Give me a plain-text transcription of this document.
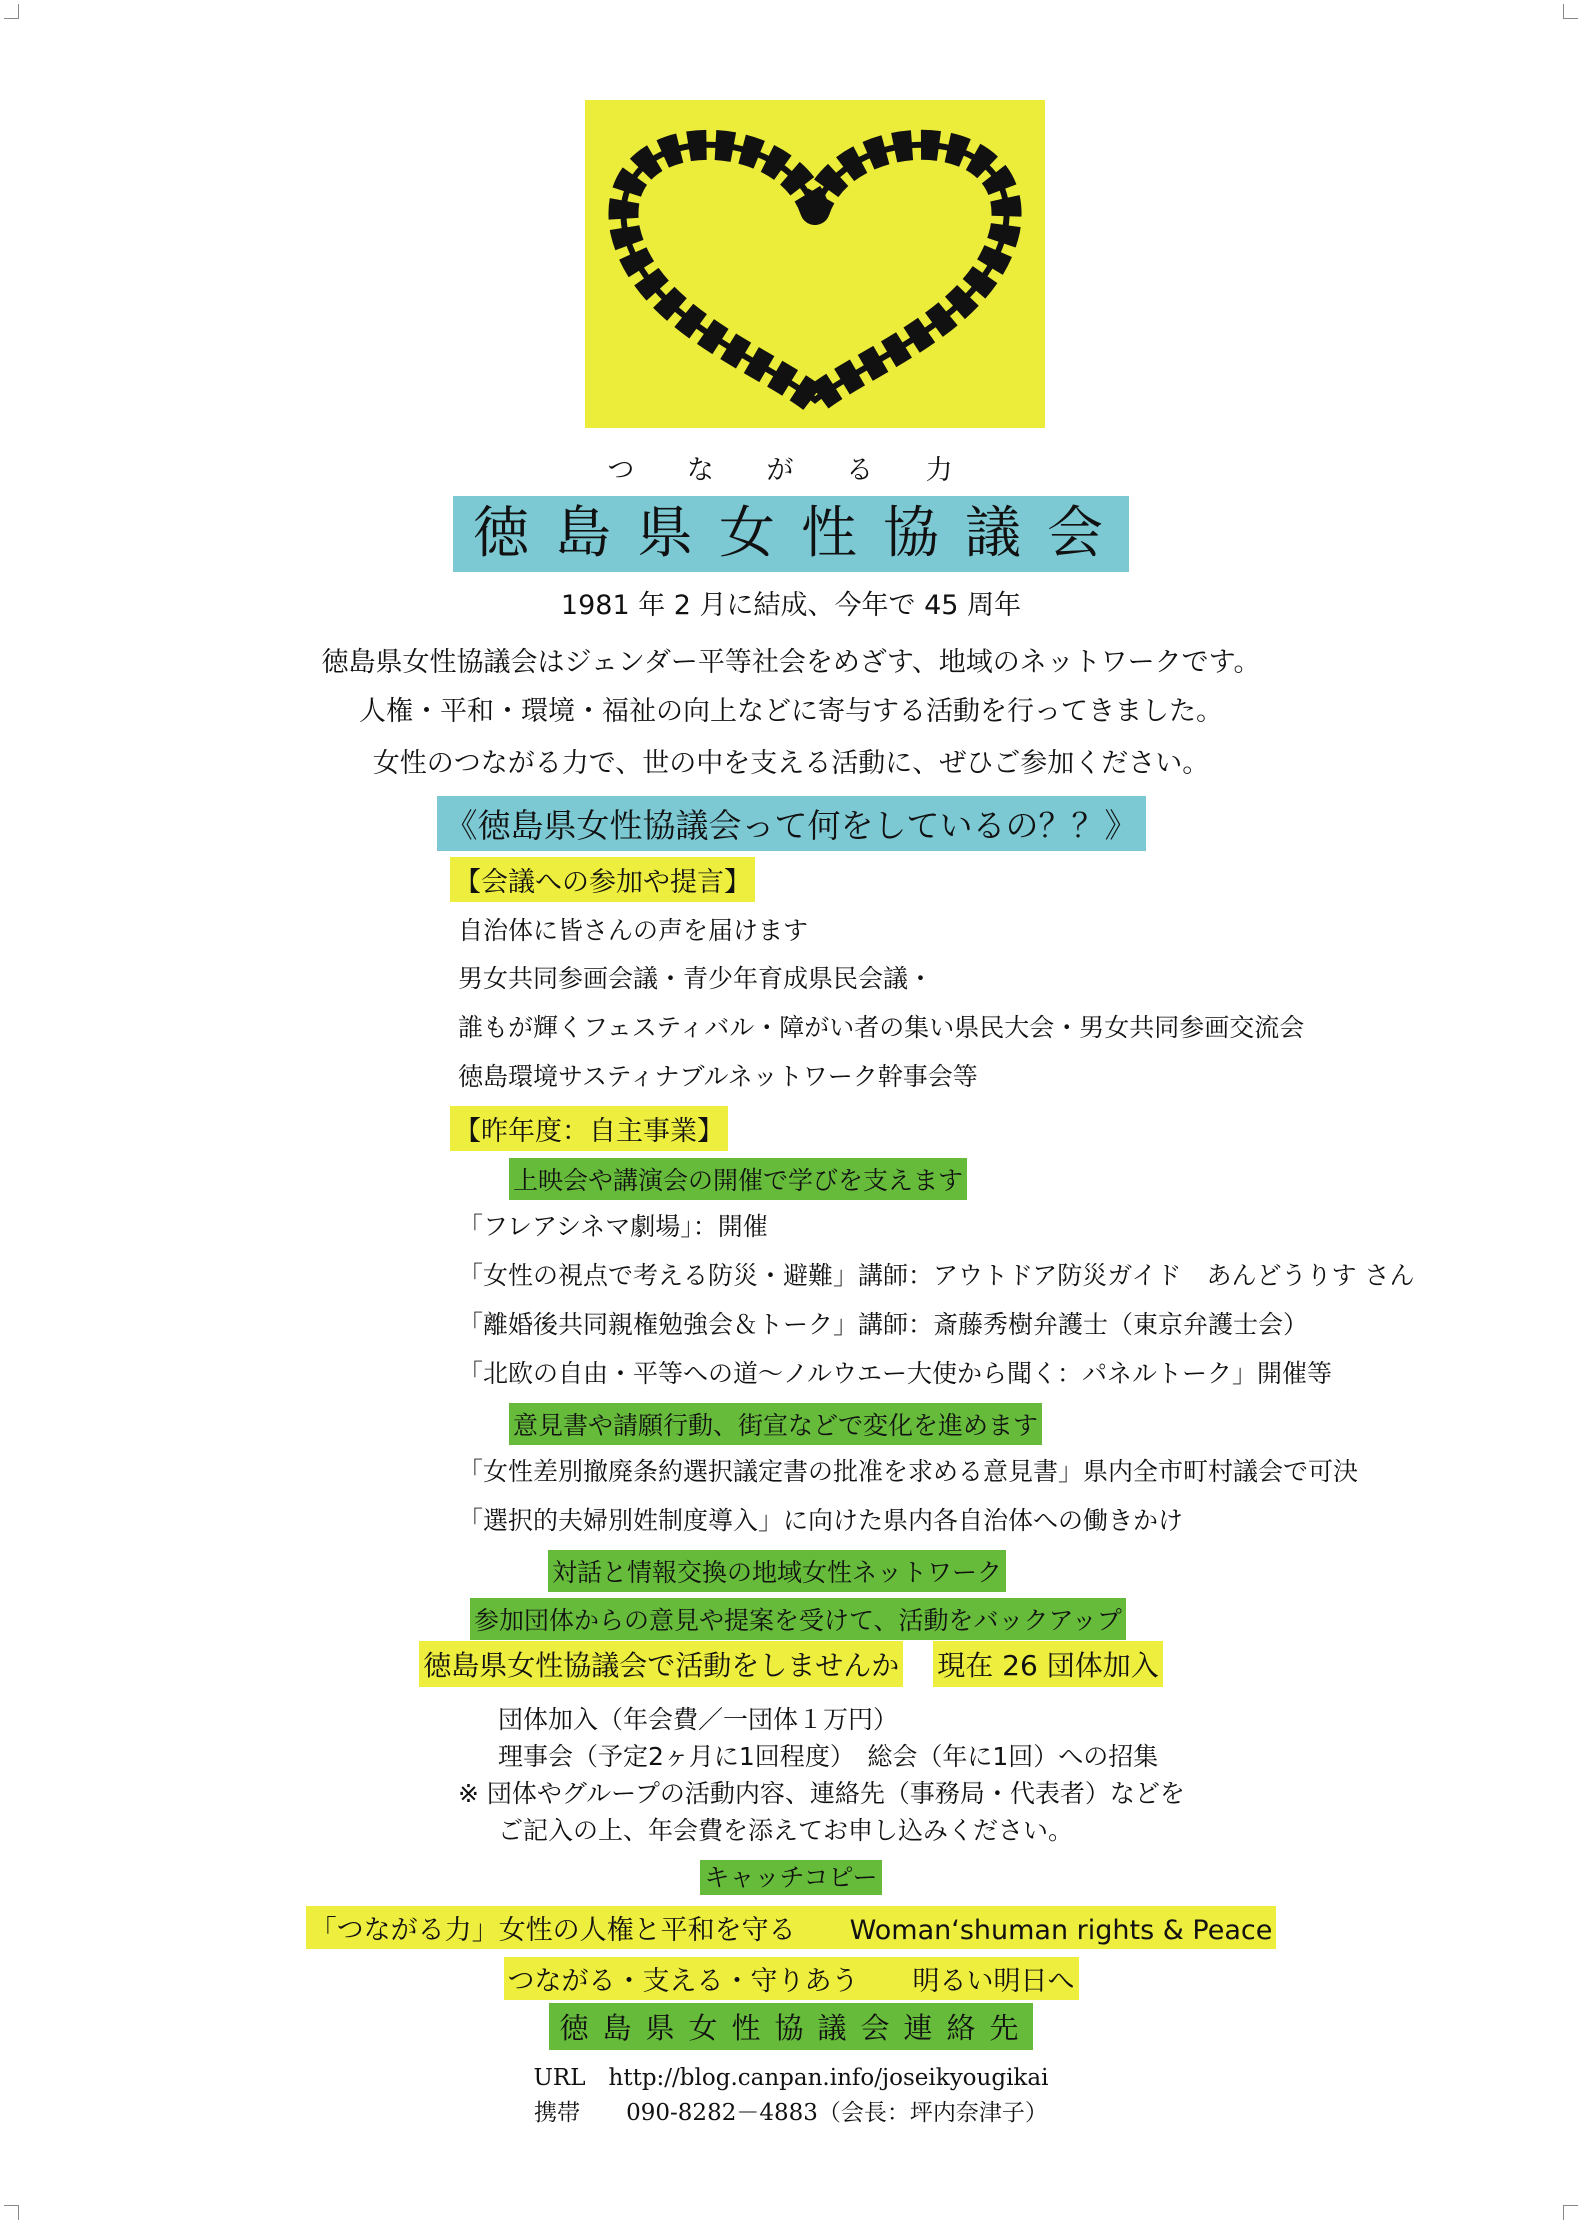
つ な が る 力
徳島県女性協議会
1981 年 2 月に結成、今年で 45 周年
徳島県女性協議会はジェンダー平等社会をめざす、地域のネットワークです。
人権・平和・環境・福祉の向上などに寄与する活動を行ってきました。
女性のつながる力で、世の中を支える活動に、ぜひご参加ください。
《徳島県女性協議会って何をしているの？？》
【会議への参加や提言】
自治体に皆さんの声を届けます
男女共同参画会議・青少年育成県民会議・
誰もが輝くフェスティバル・障がい者の集い県民大会・男女共同参画交流会
徳島環境サスティナブルネットワーク幹事会等
【昨年度：自主事業】
上映会や講演会の開催で学びを支えます
「フレアシネマ劇場」：開催
「女性の視点で考える防災・避難」講師：アウトドア防災ガイド　あんどうりす さん
「離婚後共同親権勉強会＆トーク」講師：斎藤秀樹弁護士（東京弁護士会）
「北欧の自由・平等への道～ノルウエー大使から聞く：パネルトーク」開催等
意見書や請願行動、街宣などで変化を進めます
「女性差別撤廃条約選択議定書の批准を求める意見書」県内全市町村議会で可決
「選択的夫婦別姓制度導入」に向けた県内各自治体への働きかけ
対話と情報交換の地域女性ネットワーク
参加団体からの意見や提案を受けて、活動をバックアップ
徳島県女性協議会で活動をしませんか 現在 26 団体加入
団体加入（年会費／一団体１万円）
理事会（予定2ヶ月に1回程度）　総会（年に1回）への招集
※ 団体やグループの活動内容、連絡先（事務局・代表者）などを
ご記入の上、年会費を添えてお申し込みください。
キャッチコピー
「つながる力」女性の人権と平和を守る　　Woman‘shuman rights & Peace
つながる・支える・守りあう　　明るい明日へ
徳島県女性協議会連絡先
URL　 http://blog.canpan.info/joseikyougikai
携帯　　 090-8282－4883（会長：坪内奈津子）
